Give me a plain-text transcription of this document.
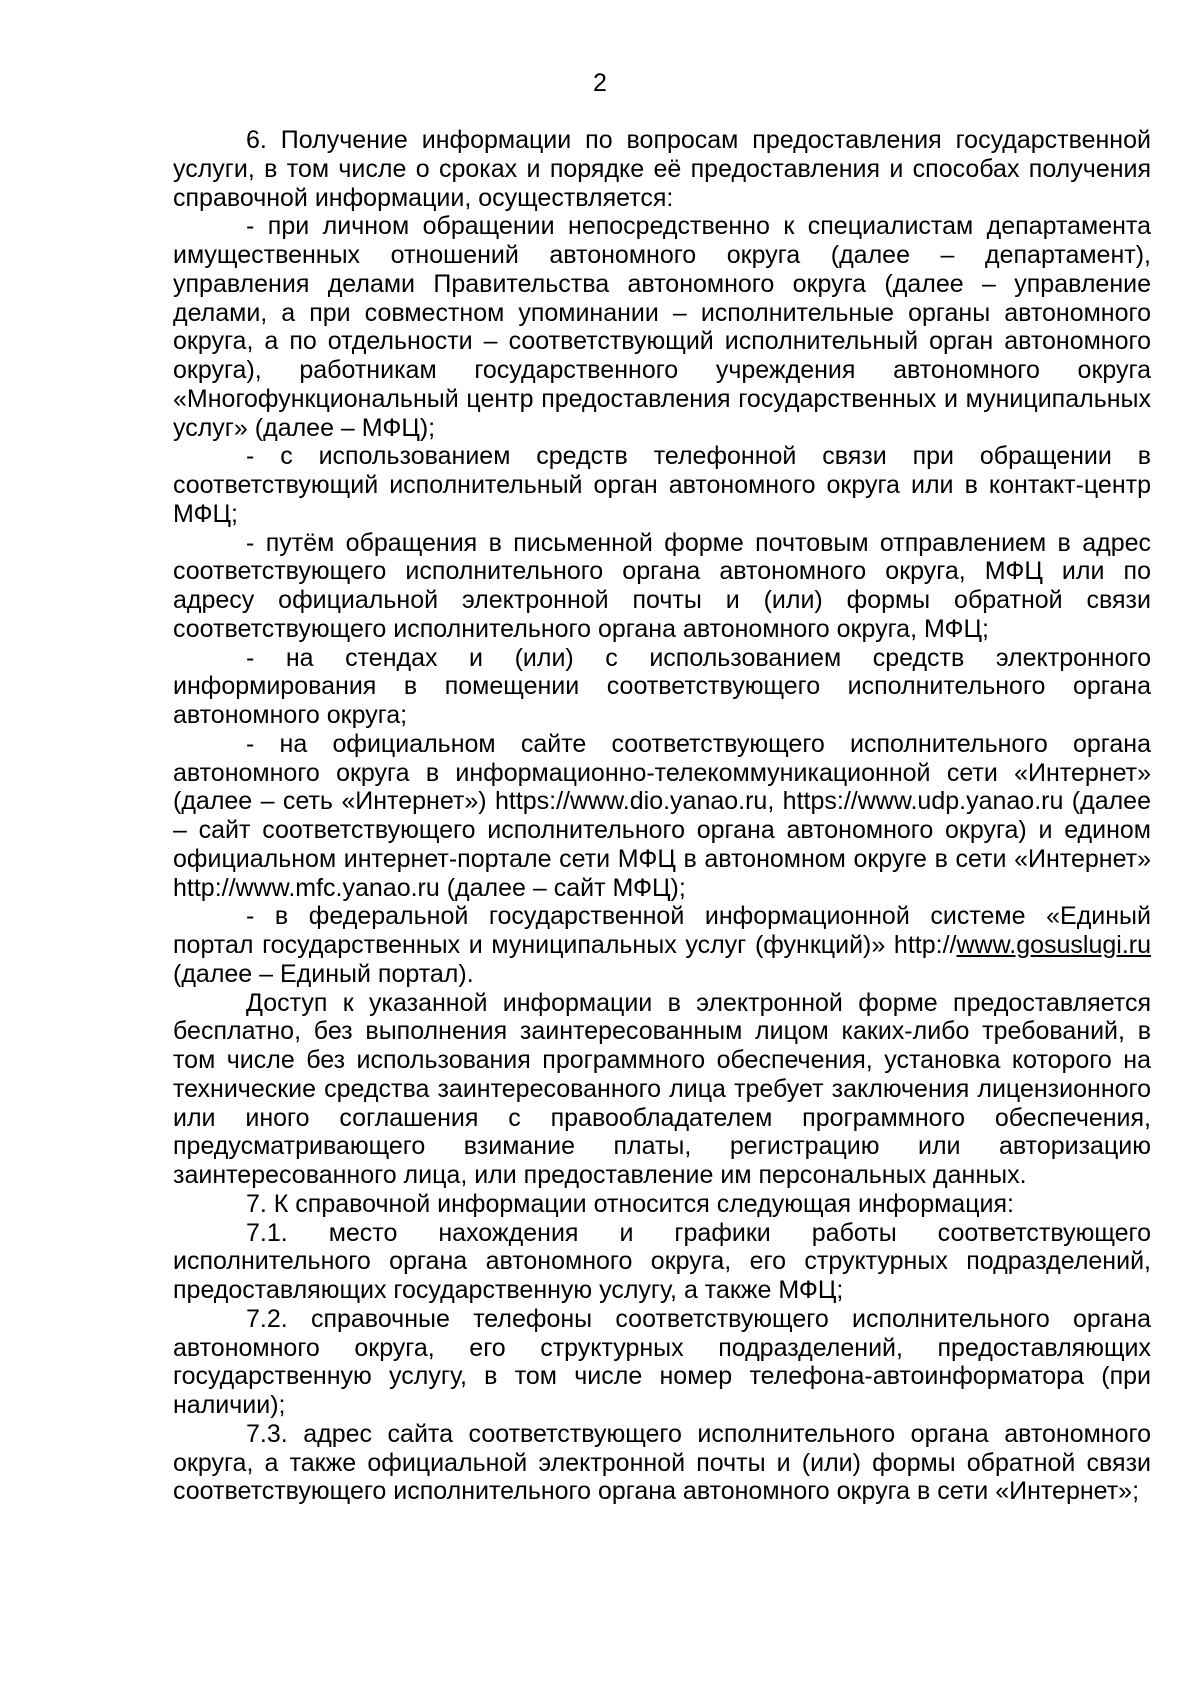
2

6. Получение информации по вопросам предоставления государственной услуги, в том числе о сроках и порядке её предоставления и способах получения справочной информации, осуществляется:

- при личном обращении непосредственно к специалистам департамента имущественных отношений автономного округа (далее – департамент), управления делами Правительства автономного округа (далее – управление делами, а при совместном упоминании – исполнительные органы автономного округа, а по отдельности – соответствующий исполнительный орган автономного округа), работникам государственного учреждения автономного округа «Многофункциональный центр предоставления государственных и муниципальных услуг» (далее – МФЦ);

- с использованием средств телефонной связи при обращении в соответствующий исполнительный орган автономного округа или в контакт-центр МФЦ;

- путём обращения в письменной форме почтовым отправлением в адрес соответствующего исполнительного органа автономного округа, МФЦ или по адресу официальной электронной почты и (или) формы обратной связи соответствующего исполнительного органа автономного округа, МФЦ;

- на стендах и (или) с использованием средств электронного информирования в помещении соответствующего исполнительного органа автономного округа;

- на официальном сайте соответствующего исполнительного органа автономного округа в информационно-телекоммуникационной сети «Интернет» (далее – сеть «Интернет») https://www.dio.yanao.ru, https://www.udp.yanao.ru (далее – сайт соответствующего исполнительного органа автономного округа) и едином официальном интернет-портале сети МФЦ в автономном округе в сети «Интернет» http://www.mfc.yanao.ru (далее – сайт МФЦ);

- в федеральной государственной информационной системе «Единый портал государственных и муниципальных услуг (функций)» http://www.gosuslugi.ru (далее – Единый портал).

Доступ к указанной информации в электронной форме предоставляется бесплатно, без выполнения заинтересованным лицом каких-либо требований, в том числе без использования программного обеспечения, установка которого на технические средства заинтересованного лица требует заключения лицензионного или иного соглашения с правообладателем программного обеспечения, предусматривающего взимание платы, регистрацию или авторизацию заинтересованного лица, или предоставление им персональных данных.

7. К справочной информации относится следующая информация:

7.1. место нахождения и графики работы соответствующего исполнительного органа автономного округа, его структурных подразделений, предоставляющих государственную услугу, а также МФЦ;

7.2. справочные телефоны соответствующего исполнительного органа автономного округа, его структурных подразделений, предоставляющих государственную услугу, в том числе номер телефона-автоинформатора (при наличии);

7.3. адрес сайта соответствующего исполнительного органа автономного округа, а также официальной электронной почты и (или) формы обратной связи соответствующего исполнительного органа автономного округа в сети «Интернет»;
